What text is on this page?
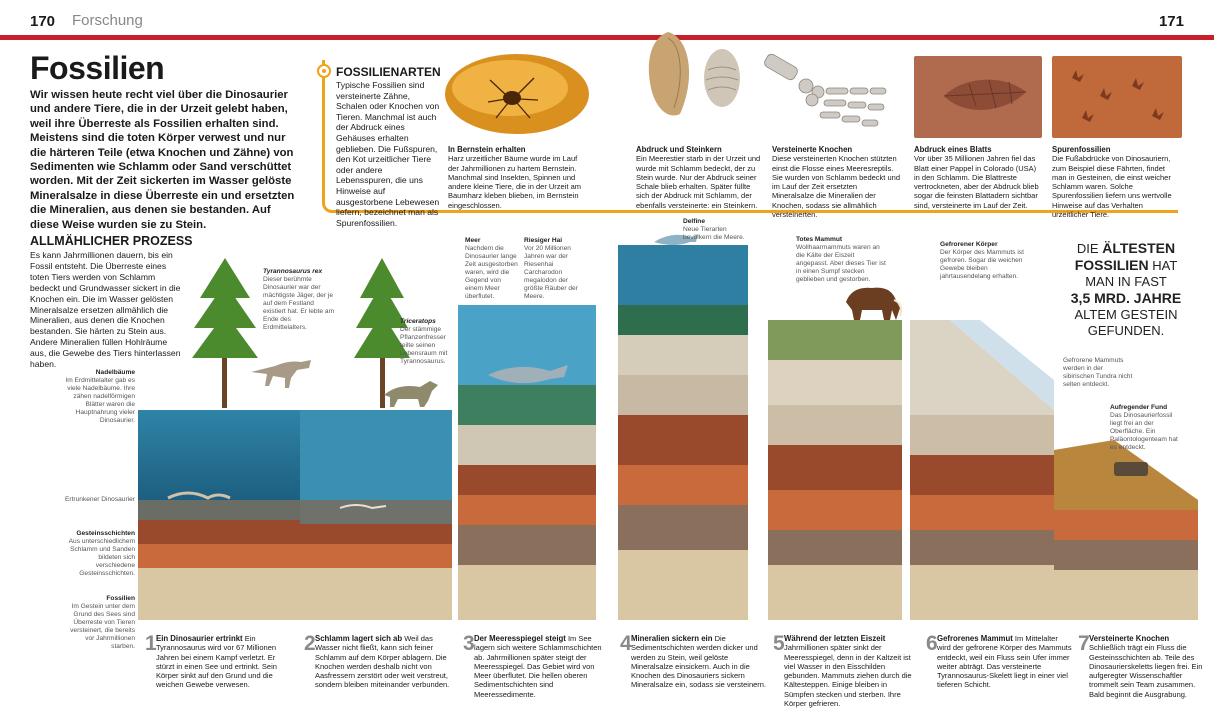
170 Forschung	171
Fossilien
Wir wissen heute recht viel über die Dinosaurier und andere Tiere, die in der Urzeit gelebt haben, weil ihre Überreste als Fossilien erhalten sind. Meistens sind die toten Körper verwest und nur die härteren Teile (etwa Knochen und Zähne) von Sedimenten wie Schlamm oder Sand verschüttet worden. Mit der Zeit sickerten im Wasser gelöste Mineralsalze in diese Überreste ein und ersetzten die Mineralien, aus denen sie bestanden. Auf diese Weise wurden sie zu Stein.
FOSSILIENARTEN
Typische Fossilien sind versteinerte Zähne, Schalen oder Knochen von Tieren. Manchmal ist auch der Abdruck eines Gehäuses erhalten geblieben. Die Fußspuren, den Kot urzeitlicher Tiere oder andere Lebensspuren, die uns Hinweise auf ausgestorbene Lebewesen liefern, bezeichnet man als Spurenfossilien.
In Bernstein erhalten
Harz urzeitlicher Bäume wurde im Lauf der Jahrmillionen zu hartem Bernstein. Manchmal sind Insekten, Spinnen und andere kleine Tiere, die in der Urzeit am Baumharz kleben blieben, im Bernstein eingeschlossen.
Abdruck und Steinkern
Ein Meerestier starb in der Urzeit und wurde mit Schlamm bedeckt, der zu Stein wurde. Nur der Abdruck seiner Schale blieb erhalten. Später füllte sich der Abdruck mit Schlamm, der ebenfalls versteinerte: ein Steinkern.
Versteinerte Knochen
Diese versteinerten Knochen stützten einst die Flosse eines Meeresreptils. Sie wurden von Schlamm bedeckt und im Lauf der Zeit ersetzten Mineralsalze die Mineralien der Knochen, sodass sie allmählich versteinerten.
Abdruck eines Blatts
Vor über 35 Millionen Jahren fiel das Blatt einer Pappel in Colorado (USA) in den Schlamm. Die Blattreste vertrockneten, aber der Abdruck blieb sogar die feinsten Blattadern sichtbar sind, versteinerte im Lauf der Zeit.
Spurenfossilien
Die Fußabdrücke von Dinosauriern, zum Beispiel diese Fährten, findet man in Gesteinen, die einst weicher Schlamm waren. Solche Spurenfossilien liefern uns wertvolle Hinweise auf das Verhalten urzeitlicher Tiere.
ALLMÄHLICHER PROZESS
Es kann Jahrmillionen dauern, bis ein Fossil entsteht. Die Überreste eines toten Tiers werden von Schlamm bedeckt und Grundwasser sickert in die Knochen ein. Die im Wasser gelösten Mineralsalze ersetzen allmählich die Mineralien, aus denen die Knochen bestanden. Sie härten zu Stein aus. Andere Mineralien füllen Hohlräume aus, die Gewebe des Tiers hinterlassen haben.
DIE ÄLTESTEN
FOSSILIEN HAT
MAN IN FAST
3,5 MRD. JAHRE
ALTEM GESTEIN
GEFUNDEN.
Nadelbäume
Im Erdmittelalter gab es viele Nadelbäume. Ihre zähen nadelförmigen Blätter waren die Hauptnahrung vieler Dinosaurier.
Ertrunkener Dinosaurier
Gesteinsschichten
Aus unterschiedlichem Schlamm und Sanden bildeten sich verschiedene Gesteinsschichten.
Fossilien
Im Gestein unter dem Grund des Sees sind Überreste von Tieren versteinert, die bereits vor Jahrmillionen starben.
Tyrannosaurus rex
Dieser berühmte Dinosaurier war der mächtigste Jäger, der je auf dem Festland existiert hat. Er lebte am Ende des Erdmittelalters.
Triceratops
Der stämmige Pflanzenfresser teilte seinen Lebensraum mit Tyrannosaurus.
Meer
Nachdem die Dinosaurier lange Zeit ausgestorben waren, wird die Gegend von einem Meer überflutet.
Riesiger Hai
Vor 20 Millionen Jahren war der Riesenhai Carcharodon megalodon der größte Räuber der Meere.
Delfine
Neue Tierarten bevölkern die Meere.	Totes Mammut
Wollhaarmammuts waren an die Kälte der Eiszeit angepasst. Aber dieses Tier ist in einen Sumpf stecken geblieben und gestorben.
Gefrorener Körper
Der Körper des Mammuts ist gefroren. Sogar die weichen Gewebe bleiben jahrtausendelang erhalten.
Gefrorene Mammuts werden in der sibirischen Tundra nicht selten entdeckt.
Aufregender Fund
Das Dinosaurierfossil liegt frei an der Oberfläche. Ein Paläontologenteam hat es entdeckt.
1 Ein Dinosaurier ertrinkt Ein Tyrannosaurus wird vor 67 Millionen Jahren bei einem Kampf verletzt. Er stürzt in einen See und ertrinkt. Sein Körper sinkt auf den Grund und die weichen Gewebe verwesen.
2 Schlamm lagert sich ab Weil das Wasser nicht fließt, kann sich feiner Schlamm auf dem Körper ablagern. Die Knochen werden deshalb nicht von Aasfressern zerstört oder weit verstreut, sondern bleiben miteinander verbunden.
3 Der Meeresspiegel steigt Im See lagern sich weitere Schlammschichten ab. Jahrmillionen später steigt der Meeresspiegel. Das Gebiet wird von Meer überflutet. Die hellen oberen Sedimentschichten sind Meeressedimente.
4 Mineralien sickern ein Die Sedimentschichten werden dicker und werden zu Stein, weil gelöste Mineralsalze einsickern. Auch in die Knochen des Dinosauriers sickern Mineralsalze ein, sodass sie versteinern.
5 Während der letzten Eiszeit Jahrmillionen später sinkt der Meeresspiegel, denn in der Kaltzeit ist viel Wasser in den Eisschilden gebunden. Mammuts ziehen durch die Kältesteppen. Einige bleiben in Sümpfen stecken und sterben. Ihre Körper gefrieren.
6 Gefrorenes Mammut Im Mittelalter wird der gefrorene Körper des Mammuts entdeckt, weil ein Fluss sein Ufer immer weiter abträgt. Das versteinerte Tyrannosaurus-Skelett liegt in einer viel tieferen Schicht.
7 Versteinerte Knochen Schließlich trägt ein Fluss die Gesteinsschichten ab. Teile des Dinosaurierskeletts liegen frei. Ein aufgeregter Wissenschaftler trommelt sein Team zusammen. Bald beginnt die Ausgrabung.
